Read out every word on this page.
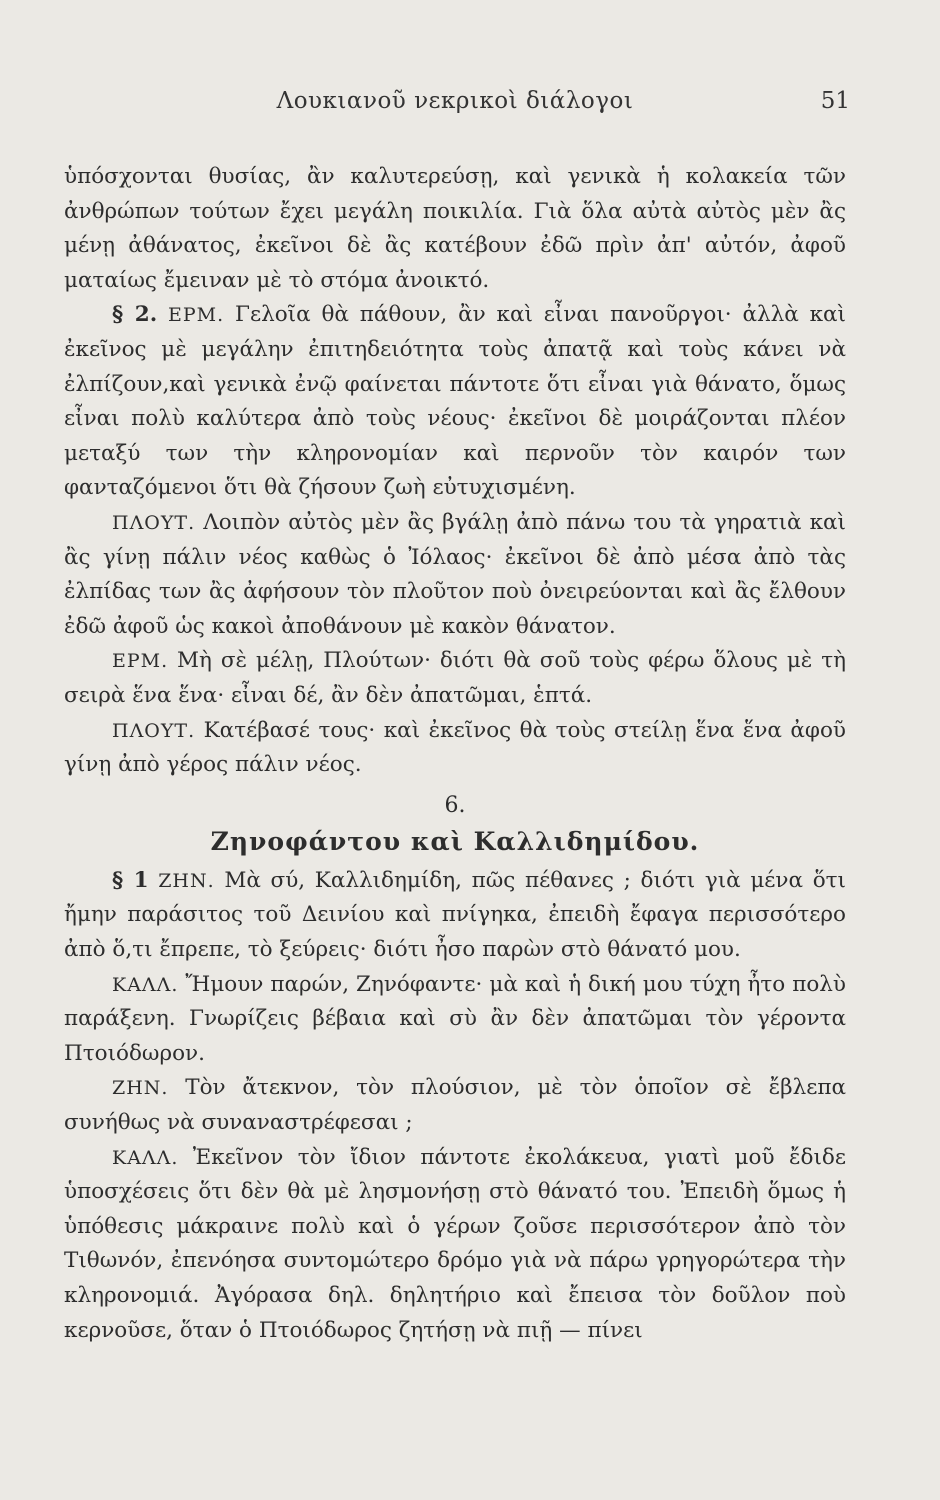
Λουκιανοῦ νεκρικοὶ διάλογοι	51

ὑπόσχονται θυσίας, ἂν καλυτερεύσῃ, καὶ γενικὰ ἡ κολακεία τῶν ἀνθρώπων τούτων ἔχει μεγάλη ποικιλία. Γιὰ ὅλα αὐτὰ αὐτὸς μὲν ἂς μένῃ ἀθάνατος, ἐκεῖνοι δὲ ἂς κατέβουν ἐδῶ πρὶν ἀπ' αὐτόν, ἀφοῦ ματαίως ἔμειναν μὲ τὸ στόμα ἀνοικτό.

§ 2. ΕΡΜ. Γελοῖα θὰ πάθουν, ἂν καὶ εἶναι πανοῦργοι· ἀλλὰ καὶ ἐκεῖνος μὲ μεγάλην ἐπιτηδειότητα τοὺς ἀπατᾷ καὶ τοὺς κάνει νὰ ἐλπίζουν,καὶ γενικὰ ἐνῷ φαίνεται πάντοτε ὅτι εἶναι γιὰ θάνατο, ὅμως εἶναι πολὺ καλύτερα ἀπὸ τοὺς νέους· ἐκεῖνοι δὲ μοιράζονται πλέον μεταξύ των τὴν κληρονομίαν καὶ περνοῦν τὸν καιρόν των φανταζόμενοι ὅτι θὰ ζήσουν ζωὴ εὐτυχισμένη.

ΠΛΟΥΤ. Λοιπὸν αὐτὸς μὲν ἂς βγάλῃ ἀπὸ πάνω του τὰ γηρατιὰ καὶ ἂς γίνῃ πάλιν νέος καθὼς ὁ Ἰόλαος· ἐκεῖνοι δὲ ἀπὸ μέσα ἀπὸ τὰς ἐλπίδας των ἂς ἀφήσουν τὸν πλοῦτον ποὺ ὀνειρεύονται καὶ ἂς ἔλθουν ἐδῶ ἀφοῦ ὡς κακοὶ ἀποθάνουν μὲ κακὸν θάνατον.

ΕΡΜ. Μὴ σὲ μέλῃ, Πλούτων· διότι θὰ σοῦ τοὺς φέρω ὅλους μὲ τὴ σειρὰ ἕνα ἕνα· εἶναι δέ, ἂν δὲν ἀπατῶμαι, ἑπτά.

ΠΛΟΥΤ. Κατέβασέ τους· καὶ ἐκεῖνος θὰ τοὺς στείλῃ ἕνα ἕνα ἀφοῦ γίνῃ ἀπὸ γέρος πάλιν νέος.

6.
Ζηνοφάντου καὶ Καλλιδημίδου.

§ 1 ΖΗΝ. Μὰ σύ, Καλλιδημίδη, πῶς πέθανες ; διότι γιὰ μένα ὅτι ἤμην παράσιτος τοῦ Δεινίου καὶ πνίγηκα, ἐπειδὴ ἔφαγα περισσότερο ἀπὸ ὅ,τι ἔπρεπε, τὸ ξεύρεις· διότι ἦσο παρὼν στὸ θάνατό μου.

ΚΑΛΛ. Ἤμουν παρών, Ζηνόφαντε· μὰ καὶ ἡ δική μου τύχη ἦτο πολὺ παράξενη. Γνωρίζεις βέβαια καὶ σὺ ἂν δὲν ἀπατῶμαι τὸν γέροντα Πτοιόδωρον.

ΖΗΝ. Τὸν ἄτεκνον, τὸν πλούσιον, μὲ τὸν ὁποῖον σὲ ἔβλεπα συνήθως νὰ συναναστρέφεσαι ;

ΚΑΛΛ. Ἐκεῖνον τὸν ἴδιον πάντοτε ἐκολάκευα, γιατὶ μοῦ ἔδιδε ὑποσχέσεις ὅτι δὲν θὰ μὲ λησμονήσῃ στὸ θάνατό του. Ἐπειδὴ ὅμως ἡ ὑπόθεσις μάκραινε πολὺ καὶ ὁ γέρων ζοῦσε περισσότερον ἀπὸ τὸν Τιθωνόν, ἐπενόησα συντομώτερο δρόμο γιὰ νὰ πάρω γρηγορώτερα τὴν κληρονομιά. Ἀγόρασα δηλ. δηλητήριο καὶ ἔπεισα τὸν δοῦλον ποὺ κερνοῦσε, ὅταν ὁ Πτοιόδωρος ζητήσῃ νὰ πιῇ — πίνει
